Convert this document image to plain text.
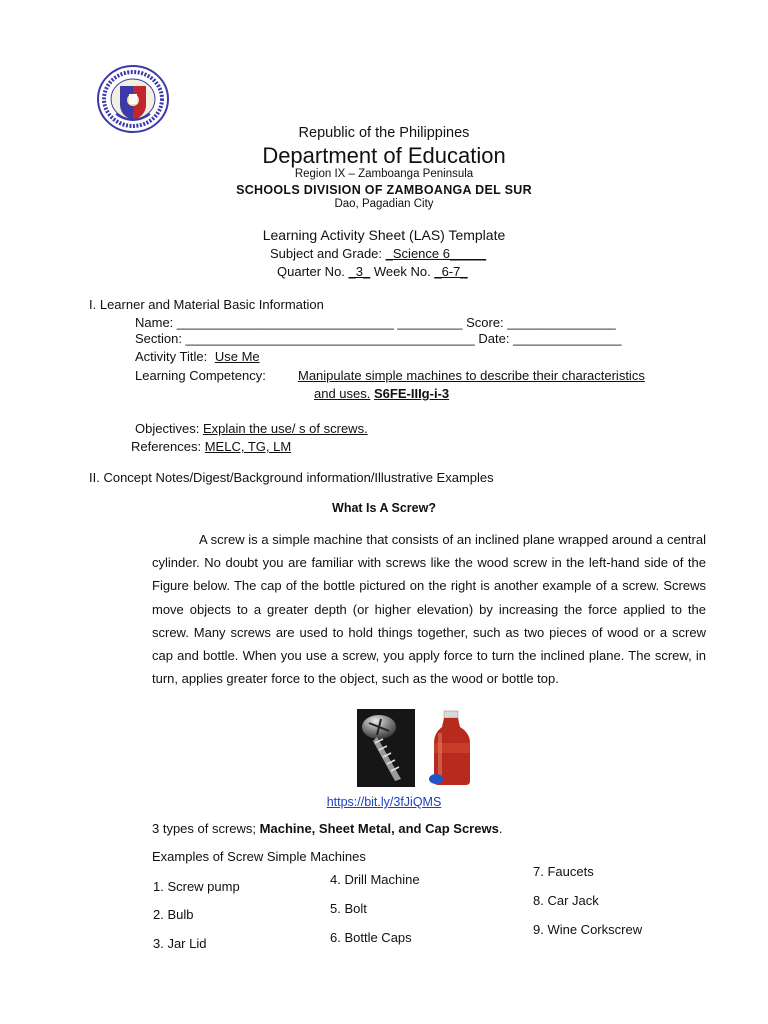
Republic of the Philippines
Department of Education
Region IX – Zamboanga Peninsula
SCHOOLS DIVISION OF ZAMBOANGA DEL SUR
Dao, Pagadian City
Learning Activity Sheet (LAS) Template
Subject and Grade: _Science 6_____
Quarter No. _3_ Week No. _6-7_
I. Learner and Material Basic Information
Name: ______________________________ _________ Score: _______________
Section: ________________________________________ Date: _______________
Activity Title: Use Me
Learning Competency: Manipulate simple machines to describe their characteristics
and uses. S6FE-IIIg-i-3
Objectives: Explain the use/ s of screws.
References: MELC, TG, LM
II. Concept Notes/Digest/Background information/Illustrative Examples
What Is A Screw?

A screw is a simple machine that consists of an inclined plane wrapped around a central cylinder. No doubt you are familiar with screws like the wood screw in the left-hand side of the Figure below. The cap of the bottle pictured on the right is another example of a screw. Screws move objects to a greater depth (or higher elevation) by increasing the force applied to the screw. Many screws are used to hold things together, such as two pieces of wood or a screw cap and bottle. When you use a screw, you apply force to turn the inclined plane. The screw, in turn, applies greater force to the object, such as the wood or bottle top.

https://bit.ly/3fJiQMS
3 types of screws; Machine, Sheet Metal, and Cap Screws.
Examples of Screw Simple Machines
1. Screw pump
2. Bulb
3. Jar Lid
4. Drill Machine
5. Bolt
6. Bottle Caps
7. Faucets
8. Car Jack
9. Wine Corkscrew
